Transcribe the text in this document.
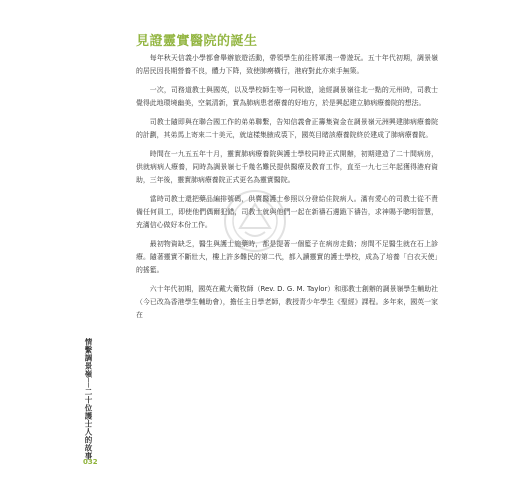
見證靈實醫院的誕生

每年秋天信義小學都會舉辦旅遊活動，帶領學生前往將軍澳一帶遊玩。五十年代初期，調景嶺的居民因長期營養不良，體力下降，致使肺癆橫行，港府對此亦束手無策。

一次，司務道教士與國英，以及學校師生等一同秋遊，途經調景嶺往北一點的元州時，司教士覺得此地環境幽美，空氣清新，實為肺病患者療養的好地方，於是興起建立肺病療養院的想法。

司教士隨即與在聯合國工作的弟弟聯繫，告知信義會正籌集資金在調景嶺元洲興建肺病療養院的計劃，其弟馬上寄來二十美元，就這樣集腋成裘下，國英目睹該療養院終於建成了肺病療養院。

時間在一九五五年十月，靈實肺病療養院與護士學校同時正式開辦，初期建造了二十間病房，供就病病人療養，同時為調景嶺七千幾名難民提供醫療及教育工作，直至一九七三年起獲得港府資助，三年後，靈實肺病療養院正式更名為靈實醫院。

當時司教士還把藥品編排號碼，供賣醫護士參照以分發給住院病人。滿有愛心的司教士從不責備任何員工，即使他們偶爾犯錯，司教士就與他們一起在新禱石邊跪下禱告，求神賜予聰明智慧，充滿信心做好本份工作。

最初物資缺乏，醫生與護士施藥時，都是提著一個籃子在病房走動；房間不足醫生就在石上診療。隨著靈實不斷壯大，樓上許多難民的第二代，都入讀靈實的護士學校，成為了培養「白衣天使」的搖籃。

六十年代初期，國英在戴大衛牧師（Rev. D. G. M. Taylor）和那教士創辦的調景嶺學生輔助社（今已改為香港學生輔助會），擔任主日學老師，教授青少年學生《聖經》課程。多年來，國英一家在

情繫調景嶺──二十位護士人的故事
032
